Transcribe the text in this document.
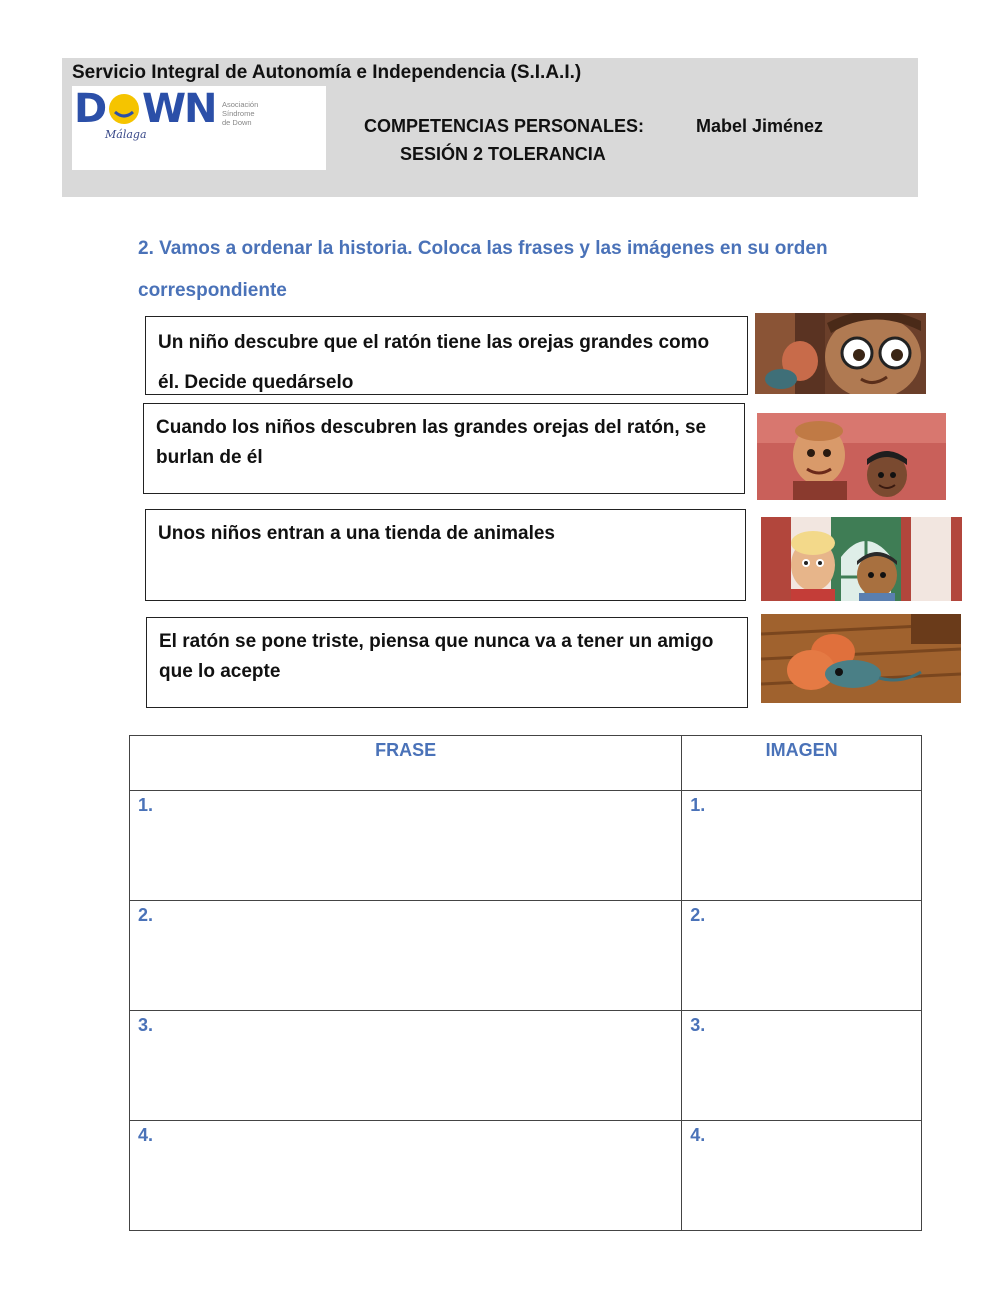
Servicio Integral de Autonomía e Independencia (S.I.A.I.)
D W
N
Málaga
Asociación
Síndrome
de Down	COMPETENCIAS PERSONALES:	Mabel Jiménez
SESIÓN 2 TOLERANCIA
2. Vamos a ordenar la historia. Coloca las frases y las imágenes en su orden correspondiente
Un niño descubre que el ratón tiene las orejas grandes como él. Decide quedárselo
Cuando los niños descubren las grandes orejas del ratón, se burlan de él
Unos niños entran a una tienda de animales
El ratón se pone triste, piensa que nunca va a tener un amigo que lo acepte
FRASE	IMAGEN
1.	1.
2.	2.
3.	3.
4.	4.
